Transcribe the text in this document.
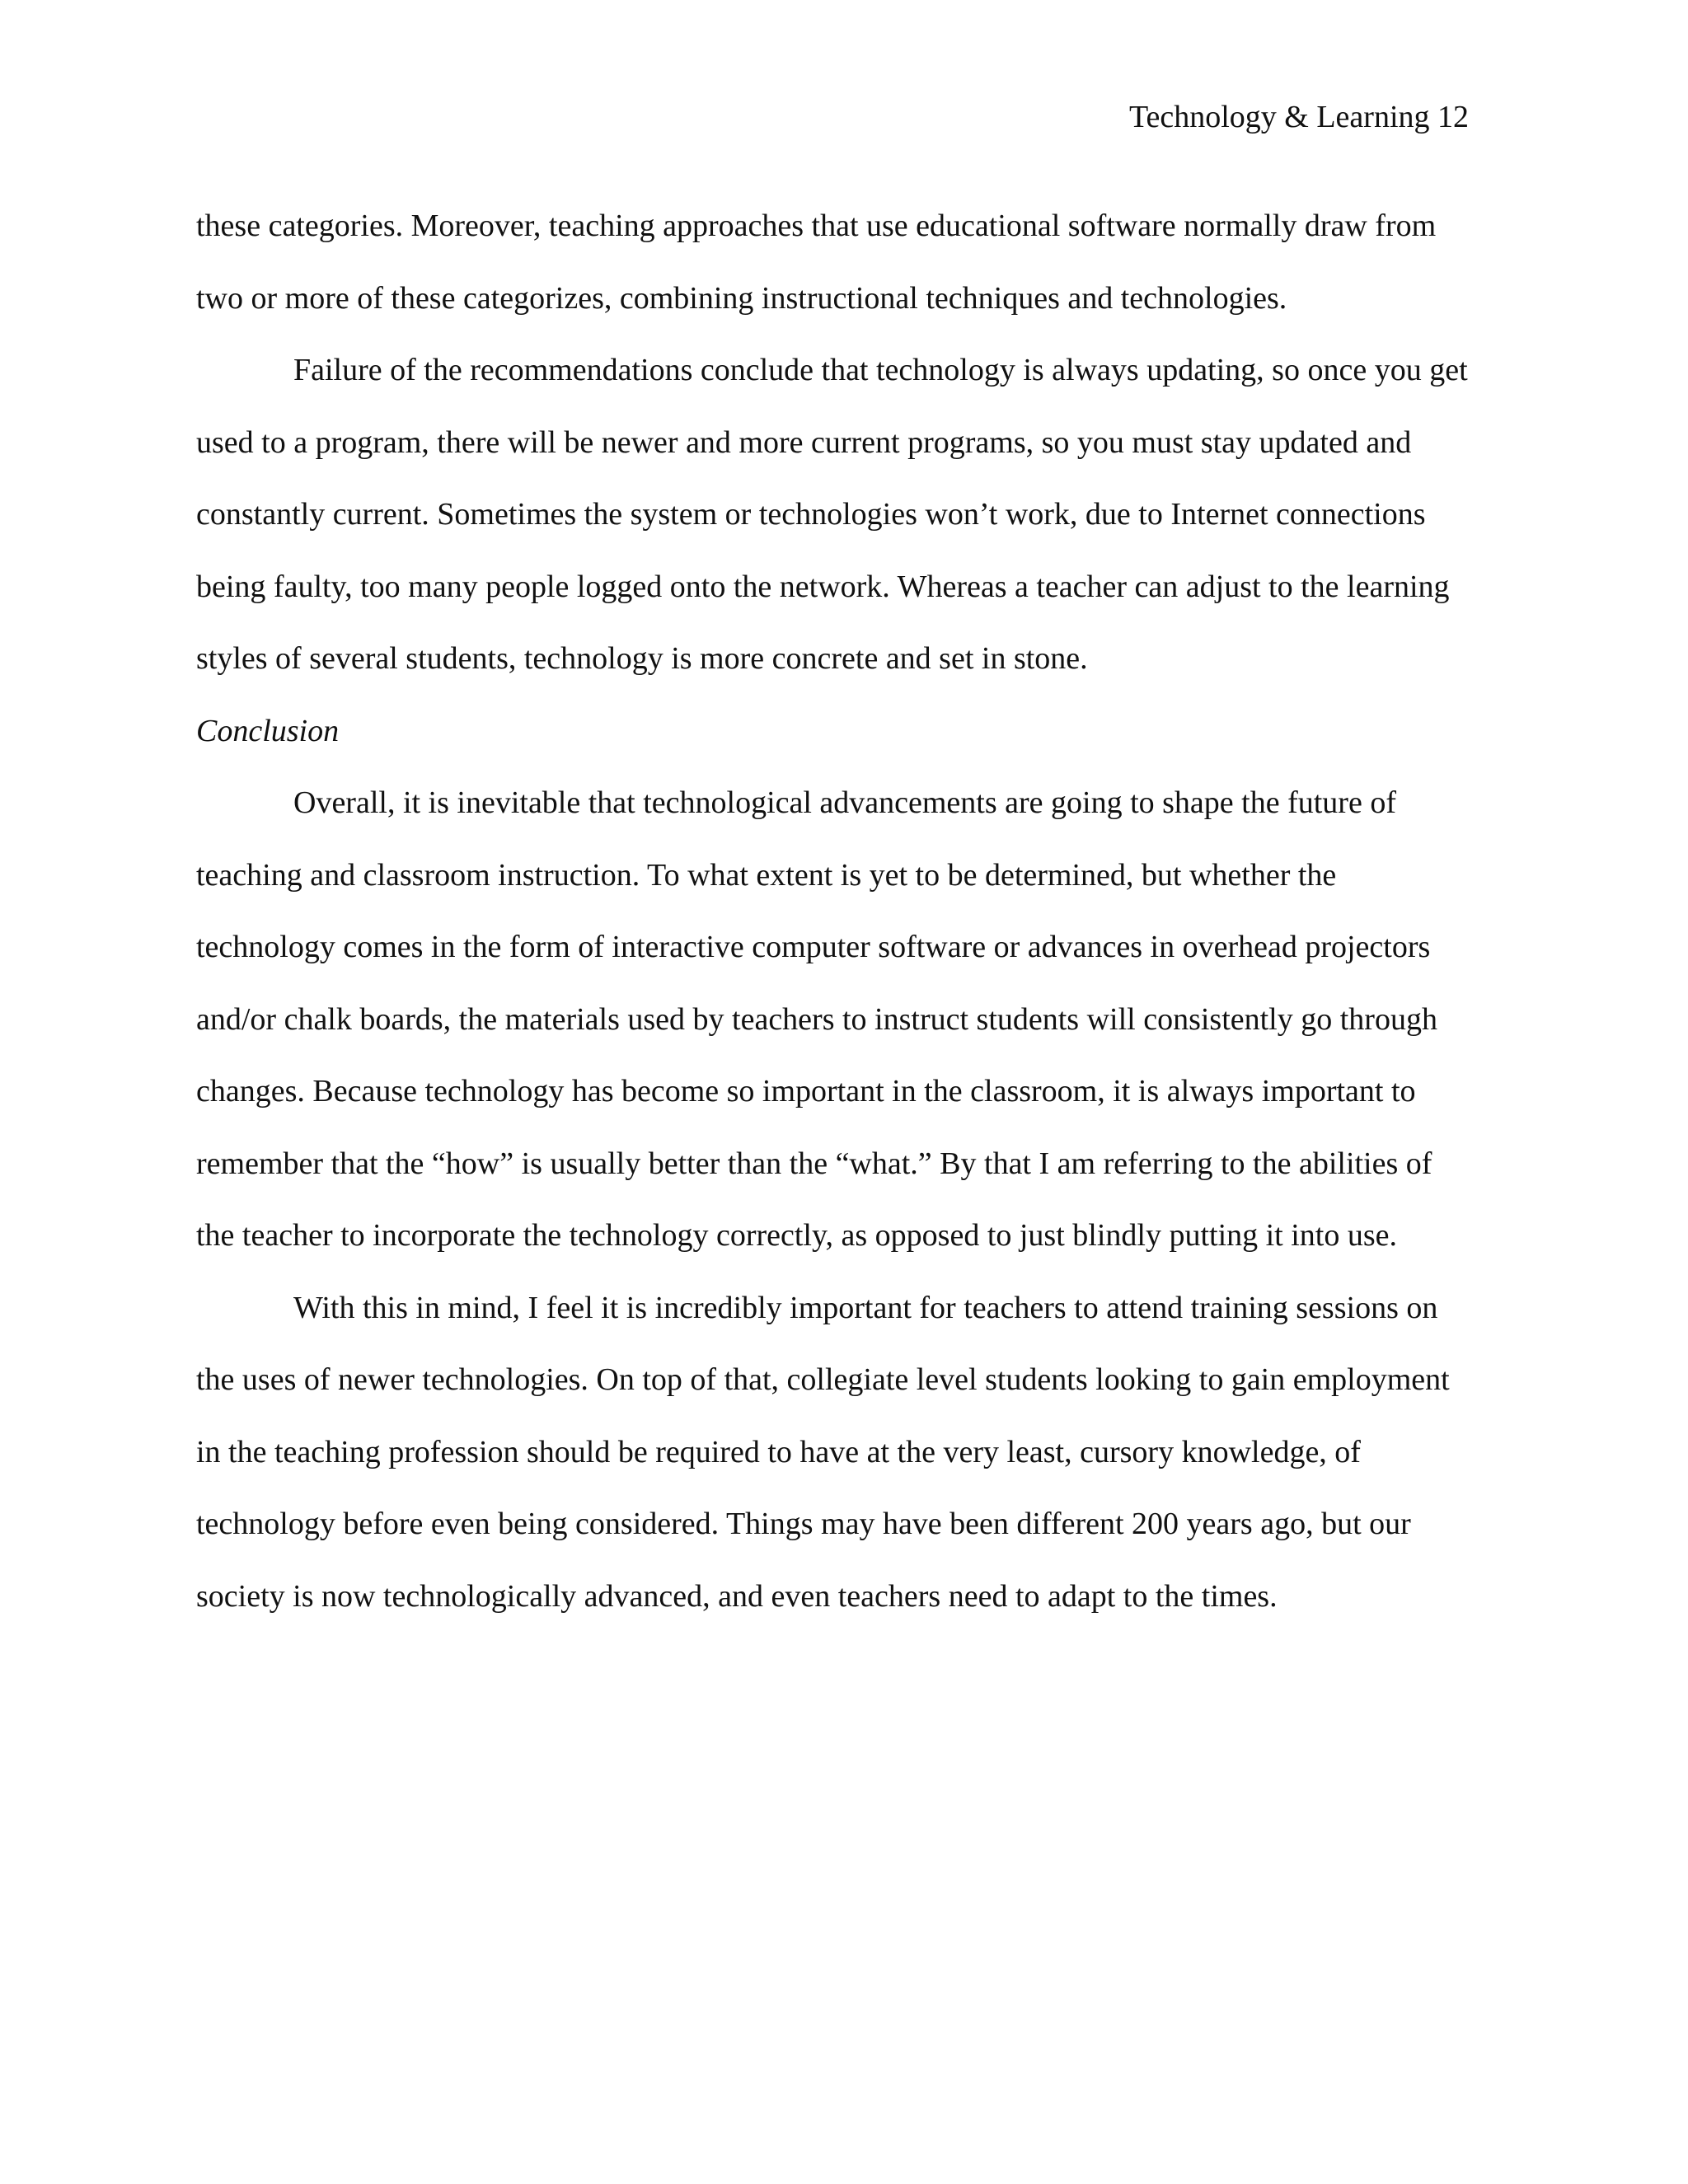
Technology & Learning 12
these categories. Moreover, teaching approaches that use educational software normally draw from
two or more of these categorizes, combining instructional techniques and technologies.
Failure of the recommendations conclude that technology is always updating, so once you get
used to a program, there will be newer and more current programs, so you must stay updated and
constantly current. Sometimes the system or technologies won’t work, due to Internet connections
being faulty, too many people logged onto the network. Whereas a teacher can adjust to the learning
styles of several students, technology is more concrete and set in stone.
Conclusion
Overall, it is inevitable that technological advancements are going to shape the future of
teaching and classroom instruction. To what extent is yet to be determined, but whether the
technology comes in the form of interactive computer software or advances in overhead projectors
and/or chalk boards, the materials used by teachers to instruct students will consistently go through
changes. Because technology has become so important in the classroom, it is always important to
remember that the “how” is usually better than the “what.” By that I am referring to the abilities of
the teacher to incorporate the technology correctly, as opposed to just blindly putting it into use.
With this in mind, I feel it is incredibly important for teachers to attend training sessions on
the uses of newer technologies. On top of that, collegiate level students looking to gain employment
in the teaching profession should be required to have at the very least, cursory knowledge, of
technology before even being considered. Things may have been different 200 years ago, but our
society is now technologically advanced, and even teachers need to adapt to the times.
